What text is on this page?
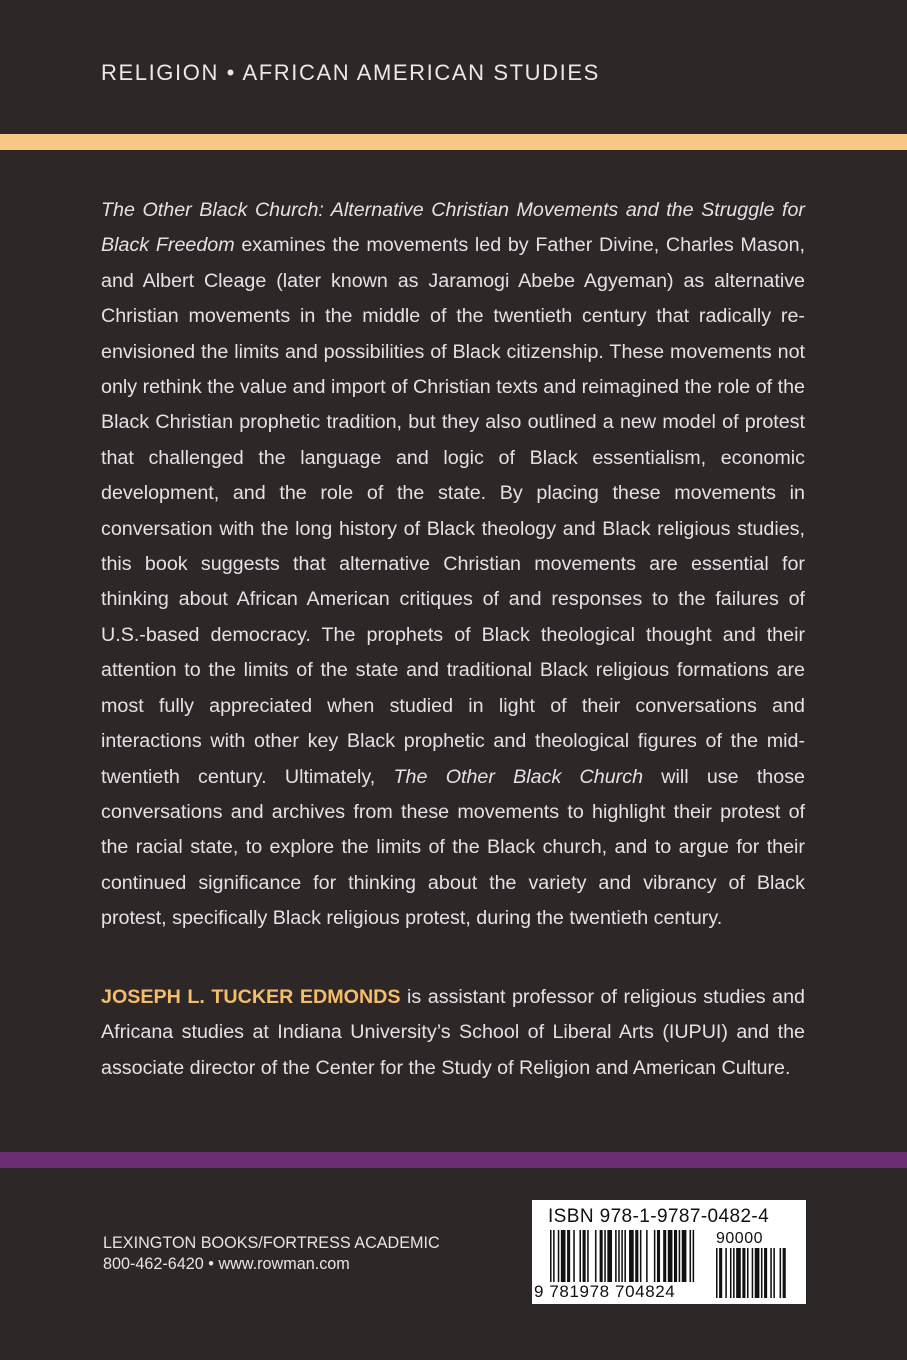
RELIGION • AFRICAN AMERICAN STUDIES

The Other Black Church: Alternative Christian Movements and the Struggle for Black Freedom examines the movements led by Father Divine, Charles Mason, and Albert Cleage (later known as Jaramogi Abebe Agyeman) as alternative Christian movements in the middle of the twentieth century that radically re-envisioned the limits and possibilities of Black citizenship. These movements not only rethink the value and import of Christian texts and reimagined the role of the Black Christian prophetic tradition, but they also outlined a new model of protest that challenged the language and logic of Black essentialism, economic development, and the role of the state. By placing these movements in conversation with the long history of Black theology and Black religious studies, this book suggests that alternative Christian movements are essential for thinking about African American critiques of and responses to the failures of U.S.-based democracy. The prophets of Black theological thought and their attention to the limits of the state and traditional Black religious formations are most fully appreciated when studied in light of their conversations and interactions with other key Black prophetic and theological figures of the mid-twentieth century. Ultimately, The Other Black Church will use those conversations and archives from these movements to highlight their protest of the racial state, to explore the limits of the Black church, and to argue for their continued significance for thinking about the variety and vibrancy of Black protest, specifically Black religious protest, during the twentieth century.

JOSEPH L. TUCKER EDMONDS is assistant professor of religious studies and Africana studies at Indiana University’s School of Liberal Arts (IUPUI) and the associate director of the Center for the Study of Religion and American Culture.

LEXINGTON BOOKS/FORTRESS ACADEMIC
800-462-6420 • www.rowman.com
ISBN 978-1-9787-0482-4
9 781978 704824
90000
